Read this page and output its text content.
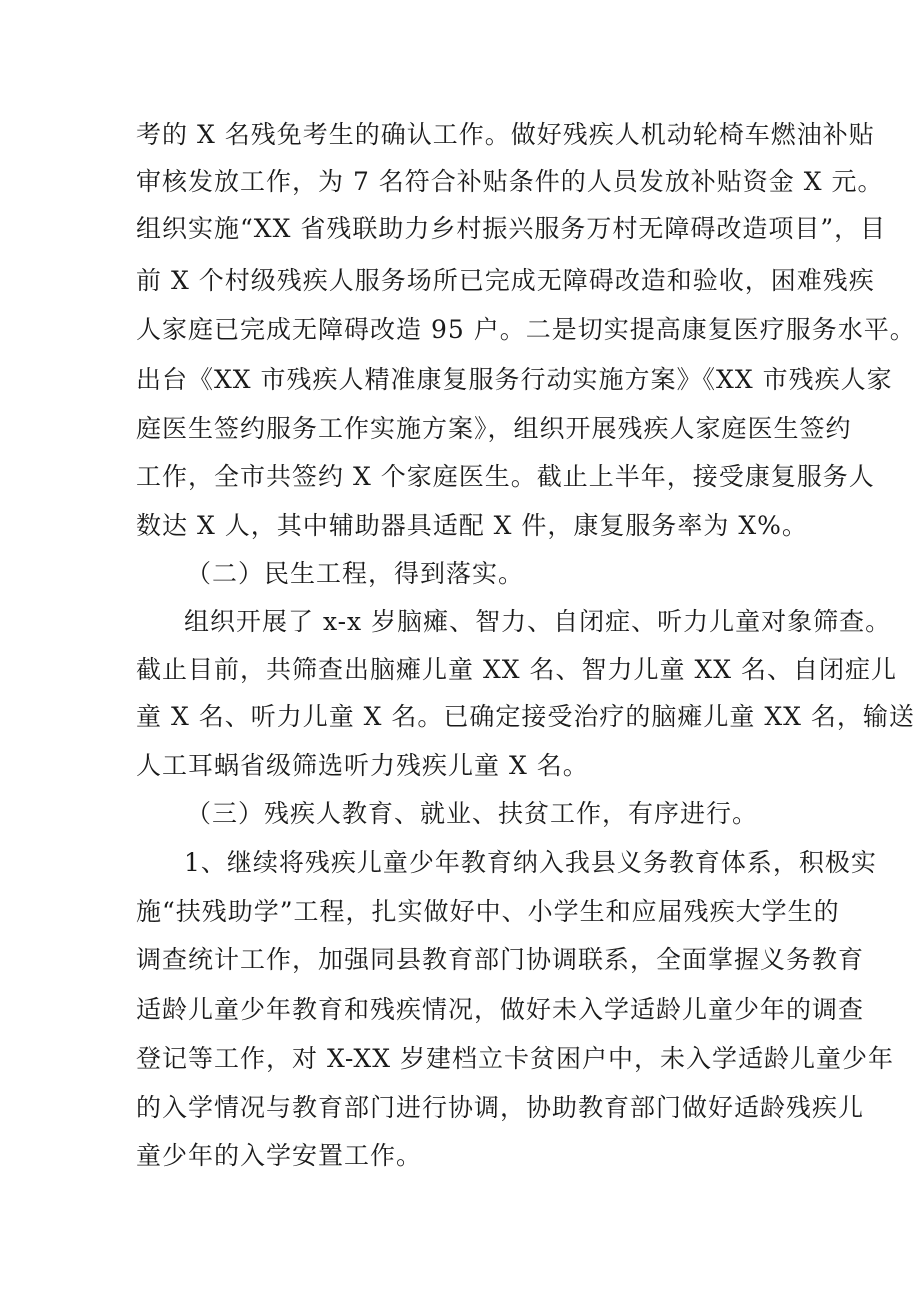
考的 X 名残免考生的确认工作。做好残疾人机动轮椅车燃油补贴
审核发放工作，为 7 名符合补贴条件的人员发放补贴资金 X 元。
组织实施“XX 省残联助力乡村振兴服务万村无障碍改造项目”，目
前 X 个村级残疾人服务场所已完成无障碍改造和验收，困难残疾
人家庭已完成无障碍改造 95 户。二是切实提高康复医疗服务水平。
出台《XX 市残疾人精准康复服务行动实施方案》《XX 市残疾人家
庭医生签约服务工作实施方案》，组织开展残疾人家庭医生签约
工作，全市共签约 X 个家庭医生。截止上半年，接受康复服务人
数达 X 人，其中辅助器具适配 X 件，康复服务率为 X%。
（二）民生工程，得到落实。
组织开展了 x-x 岁脑瘫、智力、自闭症、听力儿童对象筛查。
截止目前，共筛查出脑瘫儿童 XX 名、智力儿童 XX 名、自闭症儿
童 X 名、听力儿童 X 名。已确定接受治疗的脑瘫儿童 XX 名，输送
人工耳蜗省级筛选听力残疾儿童 X 名。
（三）残疾人教育、就业、扶贫工作，有序进行。
1、继续将残疾儿童少年教育纳入我县义务教育体系，积极实
施“扶残助学”工程，扎实做好中、小学生和应届残疾大学生的
调查统计工作，加强同县教育部门协调联系，全面掌握义务教育
适龄儿童少年教育和残疾情况，做好未入学适龄儿童少年的调查
登记等工作，对 X-XX 岁建档立卡贫困户中，未入学适龄儿童少年
的入学情况与教育部门进行协调，协助教育部门做好适龄残疾儿
童少年的入学安置工作。
